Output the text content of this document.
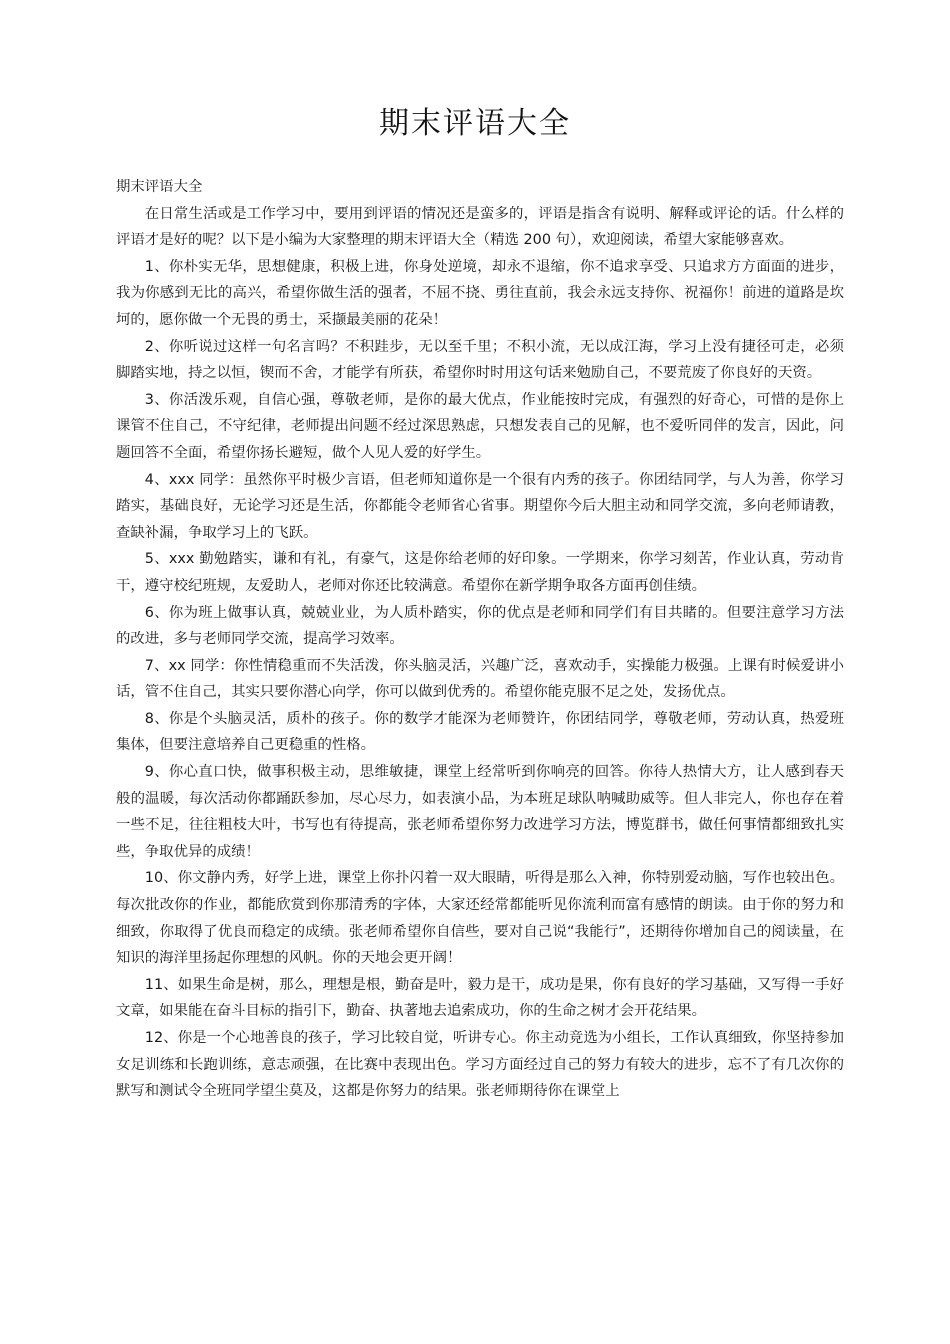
期末评语大全

期末评语大全

在日常生活或是工作学习中，要用到评语的情况还是蛮多的，评语是指含有说明、解释或评论的话。什么样的评语才是好的呢？以下是小编为大家整理的期末评语大全（精选 200 句），欢迎阅读，希望大家能够喜欢。

1、你朴实无华，思想健康，积极上进，你身处逆境，却永不退缩，你不追求享受、只追求方方面面的进步，我为你感到无比的高兴，希望你做生活的强者，不屈不挠、勇往直前，我会永远支持你、祝福你！前进的道路是坎坷的，愿你做一个无畏的勇士，采撷最美丽的花朵！

2、你听说过这样一句名言吗？不积跬步，无以至千里；不积小流，无以成江海，学习上没有捷径可走，必须脚踏实地，持之以恒，锲而不舍，才能学有所获，希望你时时用这句话来勉励自己，不要荒废了你良好的天资。

3、你活泼乐观，自信心强，尊敬老师，是你的最大优点，作业能按时完成，有强烈的好奇心，可惜的是你上课管不住自己，不守纪律，老师提出问题不经过深思熟虑，只想发表自己的见解，也不爱听同伴的发言，因此，问题回答不全面，希望你扬长避短，做个人见人爱的好学生。

4、xxx 同学：虽然你平时极少言语，但老师知道你是一个很有内秀的孩子。你团结同学，与人为善，你学习踏实，基础良好，无论学习还是生活，你都能令老师省心省事。期望你今后大胆主动和同学交流，多向老师请教，查缺补漏，争取学习上的飞跃。

5、xxx 勤勉踏实，谦和有礼，有豪气，这是你给老师的好印象。一学期来，你学习刻苦，作业认真，劳动肯干，遵守校纪班规，友爱助人，老师对你还比较满意。希望你在新学期争取各方面再创佳绩。

6、你为班上做事认真，兢兢业业，为人质朴踏实，你的优点是老师和同学们有目共睹的。但要注意学习方法的改进，多与老师同学交流，提高学习效率。

7、xx 同学：你性情稳重而不失活泼，你头脑灵活，兴趣广泛，喜欢动手，实操能力极强。上课有时候爱讲小话，管不住自己，其实只要你潜心向学，你可以做到优秀的。希望你能克服不足之处，发扬优点。

8、你是个头脑灵活，质朴的孩子。你的数学才能深为老师赞许，你团结同学，尊敬老师，劳动认真，热爱班集体，但要注意培养自己更稳重的性格。

9、你心直口快，做事积极主动，思维敏捷，课堂上经常听到你响亮的回答。你待人热情大方，让人感到春天般的温暖，每次活动你都踊跃参加，尽心尽力，如表演小品，为本班足球队呐喊助威等。但人非完人，你也存在着一些不足，往往粗枝大叶，书写也有待提高，张老师希望你努力改进学习方法，博览群书，做任何事情都细致扎实些，争取优异的成绩！

10、你文静内秀，好学上进，课堂上你扑闪着一双大眼睛，听得是那么入神，你特别爱动脑，写作也较出色。每次批改你的作业，都能欣赏到你那清秀的字体，大家还经常都能听见你流利而富有感情的朗读。由于你的努力和细致，你取得了优良而稳定的成绩。张老师希望你自信些，要对自己说“我能行”，还期待你增加自己的阅读量，在知识的海洋里扬起你理想的风帆。你的天地会更开阔！

11、如果生命是树，那么，理想是根，勤奋是叶，毅力是干，成功是果，你有良好的学习基础，又写得一手好文章，如果能在奋斗目标的指引下，勤奋、执著地去追索成功，你的生命之树才会开花结果。

12、你是一个心地善良的孩子，学习比较自觉，听讲专心。你主动竞选为小组长，工作认真细致，你坚持参加女足训练和长跑训练，意志顽强，在比赛中表现出色。学习方面经过自己的努力有较大的进步，忘不了有几次你的默写和测试令全班同学望尘莫及，这都是你努力的结果。张老师期待你在课堂上
